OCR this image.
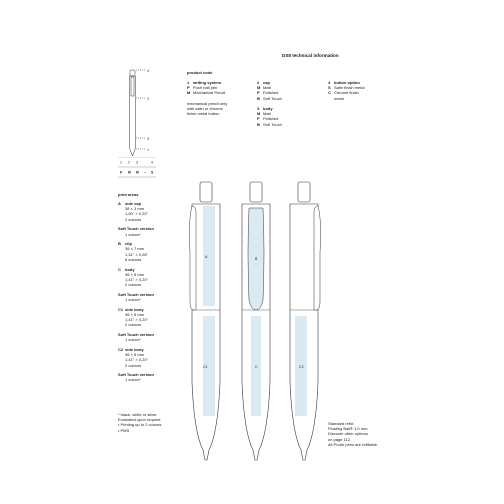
DS8 technical information
4
2
3
1
1 2 3	4
P M M – S
product code
1 writing system
P Push ball pen
M Mechanical Pencil

mechanical pencil only
with satin or chrome
finish metal button
2 cap
M Matt
P Polished
B Soft Touch

3 body
M Matt
P Polished
B Soft Touch
4 button option
S Satin finish metal
C Chrome finish
metal
print areas
A side cap
38 × 3 mm
1,50" × 0,20"
2 colours
Soft Touch version
1 colour*
B clip
36 × 7 mm
1,41" × 0,28"
6 colours
C body
36 × 5 mm
1,41" × 0,20"
2 colours
Soft Touch version
1 colour*
C1 side body
36 × 5 mm
1,41" × 0,20"
2 colours
Soft Touch version
1 colour*
C2 side body
36 × 5 mm
1,41" × 0,20"
2 colours
Soft Touch version
1 colour*
* black, white or silver.
Evaluated upon request.
• Printing up to 2 colours
• PMS
A
C1
B
C	C2
Standard refill:
Floating Ball® 1,0 mm.
Discover other options
on page 112.
All Prodir pens are refillable.
